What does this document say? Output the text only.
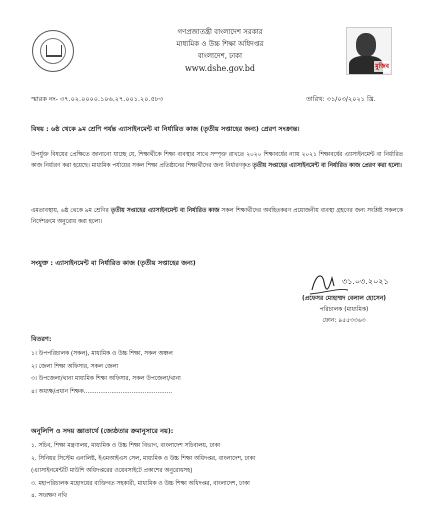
গণপ্রজাতন্ত্রী বাংলাদেশ সরকার
মাধ্যমিক ও উচ্চ শিক্ষা অধিদপ্তর
বাংলাদেশ, ঢাকা
www.dshe.gov.bd	মুজিব
স্মারক নং- ৩৭.০২.০০০০.১০৬.২৭.০০১.২০.৫৮৩	তারিখ: ৩১/০৩/২০২১ খ্রি.
বিষয় : ৬ষ্ঠ থেকে ৯ম শ্রেণি পর্যন্ত এ্যাসাইনমেন্ট বা নির্ধারিত কাজ (তৃতীয় সপ্তাহের জন্য) প্রেরণ সংক্রান্ত।
উপর্যুক্ত বিষয়ের প্রেক্ষিতে জানানো যাচ্ছে যে, শিক্ষার্থীকে শিক্ষা ব্যবস্থার সাথে সম্পৃক্ত রাখতে ২০২০ শিক্ষাবর্ষের ন্যায় ২০২১ শিক্ষাবর্ষের এ্যাসাইনমেন্ট বা নির্ধারিত কাজ নির্ধারণ করা হয়েছে। মাধ্যমিক পর্যায়ের সকল শিক্ষা প্রতিষ্ঠানের শিক্ষার্থীদের জন্য নির্ধারণকৃত তৃতীয় সপ্তাহের এ্যাসাইনমেন্ট বা নির্ধারিত কাজ প্রেরণ করা হলো।
এমতাবস্থায়, ৬ষ্ঠ থেকে ৯ম শ্রেণির তৃতীয় সপ্তাহের এ্যাসাইনমেন্ট বা নির্ধারিত কাজ সকল শিক্ষার্থীদের অবহিতকরণ প্রয়োজনীয় ব্যবস্থা গ্রহণের জন্য সংশ্লিষ্ট সকলকে নির্দেশক্রমে অনুরোধ করা হলো।
সংযুক্ত : এ্যাসাইনমেন্ট বা নির্ধারিত কাজ (তৃতীয় সপ্তাহের জন্য)
৩১.০৩.২০২১
(প্রফেসর মোহাম্মদ বেলাল হোসেন)
পরিচালক (মাধ্যমিক)
ফোন: ৯৫৫৩৩৬৩
বিতরণ:
১। উপপরিচালক (সকল), মাধ্যমিক ও উচ্চ শিক্ষা, সকল অঞ্চল
২। জেলা শিক্ষা অফিসার, সকল জেলা
৩। উপজেলা/থানা মাধ্যমিক শিক্ষা অফিসার, সকল উপজেলা/থানা
৪। অধ্যক্ষ/প্রধান শিক্ষক................................................
অনুলিপি ও সদয় জ্ঞাতার্থে (জ্যেষ্ঠতার ক্রমানুসারে নয়):
১. সচিব, শিক্ষা মন্ত্রণালয়, মাধ্যমিক ও উচ্চ শিক্ষা বিভাগ, বাংলাদেশ সচিবালয়, ঢাকা
২. সিনিয়র সিস্টেম এনালিষ্ট, ইএমআইএস সেল, মাধ্যমিক ও উচ্চ শিক্ষা অধিদপ্তর, বাংলাদেশ, ঢাকা
(এ্যাসাইনমেন্টটি মাউশি অধিদপ্তরের ওয়েবসাইটে প্রকাশের অনুরোধসহ)
৩. মহাপরিচালক মহোদয়ের ব্যক্তিগত সহকারী, মাধ্যমিক ও উচ্চ শিক্ষা অধিদপ্তর, বাংলাদেশ, ঢাকা
৪. সংরক্ষণ নথি
